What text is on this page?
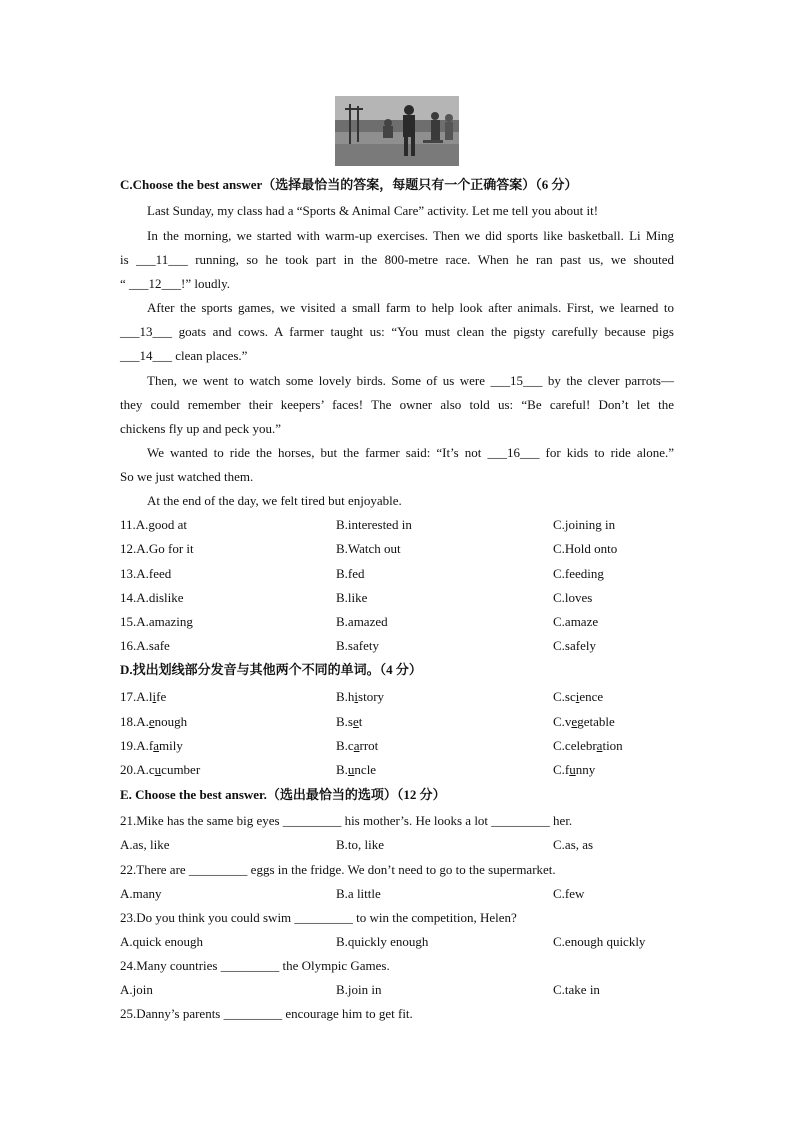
C.Choose the best answer（选择最恰当的答案，每题只有一个正确答案）（6 分）
Last Sunday, my class had a “Sports & Animal Care” activity. Let me tell you about it!
In the morning, we started with warm-up exercises. Then we did sports like basketball. Li Ming
is ___11___ running, so he took part in the 800-metre race. When he ran past us, we shouted
“ ___12___!” loudly.
After the sports games, we visited a small farm to help look after animals. First, we learned to
___13___ goats and cows. A farmer taught us: “You must clean the pigsty carefully because pigs
___14___ clean places.”
Then, we went to watch some lovely birds. Some of us were ___15___ by the clever parrots—
they could remember their keepers’ faces! The owner also told us: “Be careful! Don’t let the
chickens fly up and peck you.”
We wanted to ride the horses, but the farmer said: “It’s not ___16___ for kids to ride alone.”
So we just watched them.
At the end of the day, we felt tired but enjoyable.
11.A.good at	B.interested in	C.joining in
12.A.Go for it	B.Watch out	C.Hold onto
13.A.feed	B.fed	C.feeding
14.A.dislike	B.like	C.loves
15.A.amazing	B.amazed	C.amaze
16.A.safe	B.safety	C.safely
D.找出划线部分发音与其他两个不同的单词。（4 分）
17.A.life	B.history	C.science
18.A.enough	B.set	C.vegetable
19.A.family	B.carrot	C.celebration
20.A.cucumber	B.uncle	C.funny
E. Choose the best answer.（选出最恰当的选项）（12 分）
21.Mike has the same big eyes _________ his mother’s. He looks a lot _________ her.
A.as, like	B.to, like	C.as, as
22.There are _________ eggs in the fridge. We don’t need to go to the supermarket.
A.many	B.a little	C.few
23.Do you think you could swim _________ to win the competition, Helen?
A.quick enough	B.quickly enough	C.enough quickly
24.Many countries _________ the Olympic Games.
A.join	B.join in	C.take in
25.Danny’s parents _________ encourage him to get fit.
